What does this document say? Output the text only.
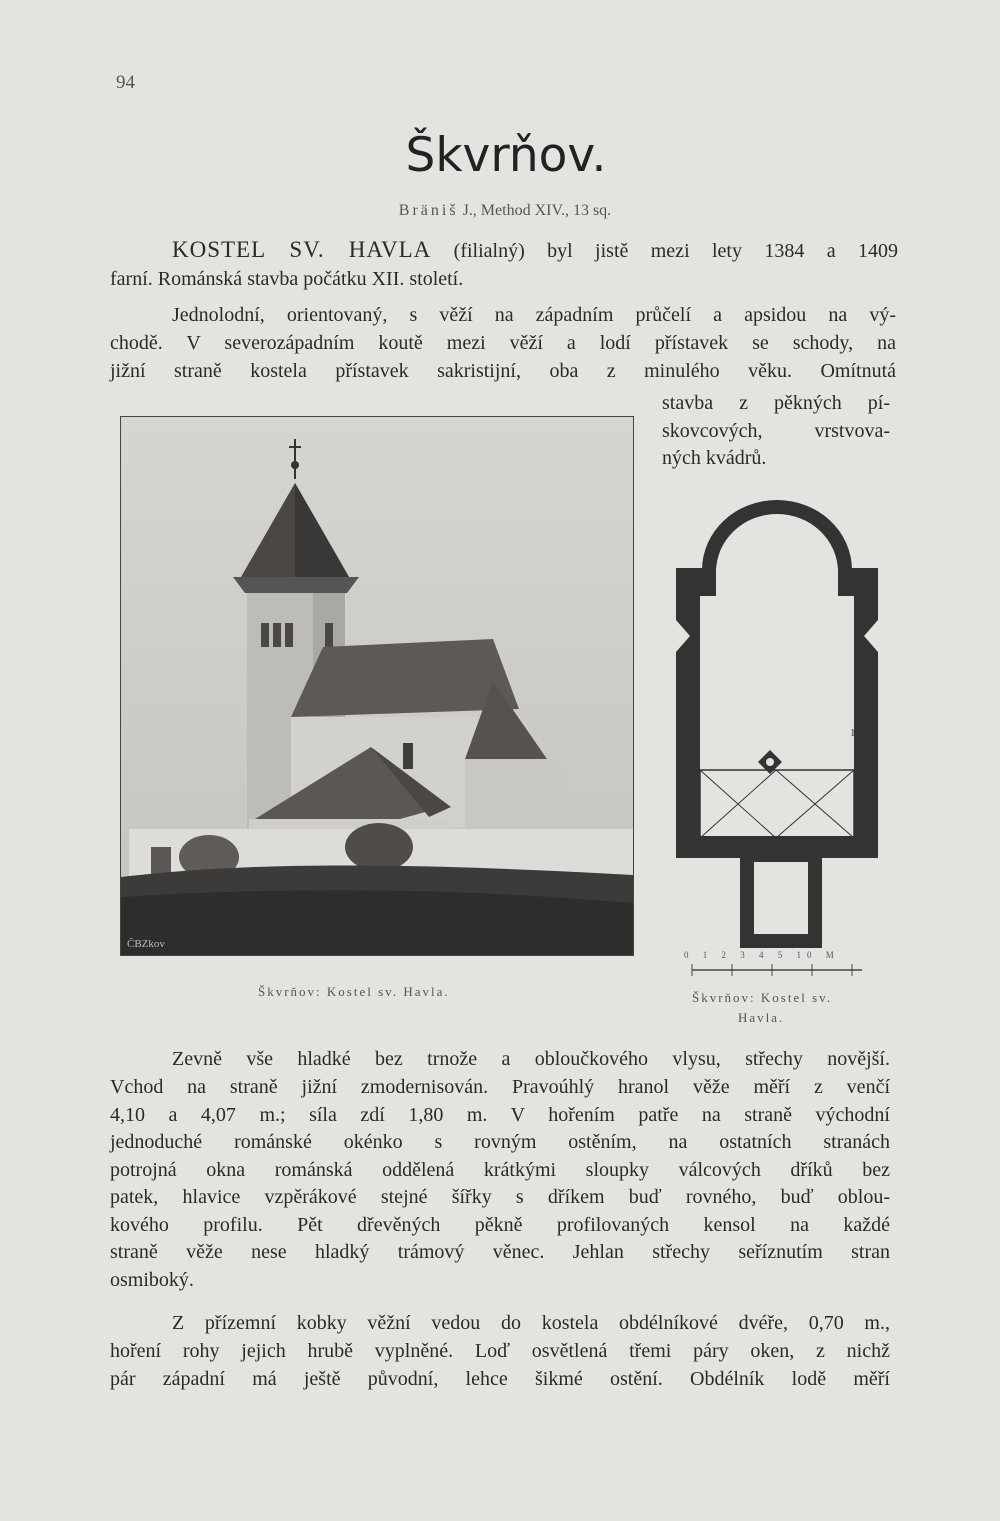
94
Škvrňov.
Bräniš J., Method XIV., 13 sq.
KOSTEL SV. HAVLA (filialný) byl jistě mezi lety 1384 a 1409
farní. Románská stavba počátku XII. století.
Jednolodní, orientovaný, s věží na západním průčelí a apsidou na vý-
chodě. V severozápadním koutě mezi věží a lodí přístavek se schody, na
jižní straně kostela přístavek sakristijní, oba z minulého věku. Omítnutá
stavba z pěkných pí-
skovcových, vrstvova-
ných kvádrů.
ČBZkov
Škvrňov: Kostel sv. Havla.
1
0 1 2 3 4 5 10 M
Škvrňov: Kostel sv.
Havla.
Zevně vše hladké bez trnože a obloučkového vlysu, střechy novější.
Vchod na straně jižní zmodernisován. Pravoúhlý hranol věže měří z venčí
4,10 a 4,07 m.; síla zdí 1,80 m. V hořením patře na straně východní
jednoduché románské okénko s rovným ostěním, na ostatních stranách
potrojná okna románská oddělená krátkými sloupky válcových dříků bez
patek, hlavice vzpěrákové stejné šířky s dříkem buď rovného, buď oblou-
kového profilu. Pět dřevěných pěkně profilovaných kensol na každé
straně věže nese hladký trámový věnec. Jehlan střechy seříznutím stran
osmiboký.
Z přízemní kobky věžní vedou do kostela obdélníkové dvéře, 0,70 m.,
hoření rohy jejich hrubě vyplněné. Loď osvětlená třemi páry oken, z nichž
pár západní má ještě původní, lehce šikmé ostění. Obdélník lodě měří
